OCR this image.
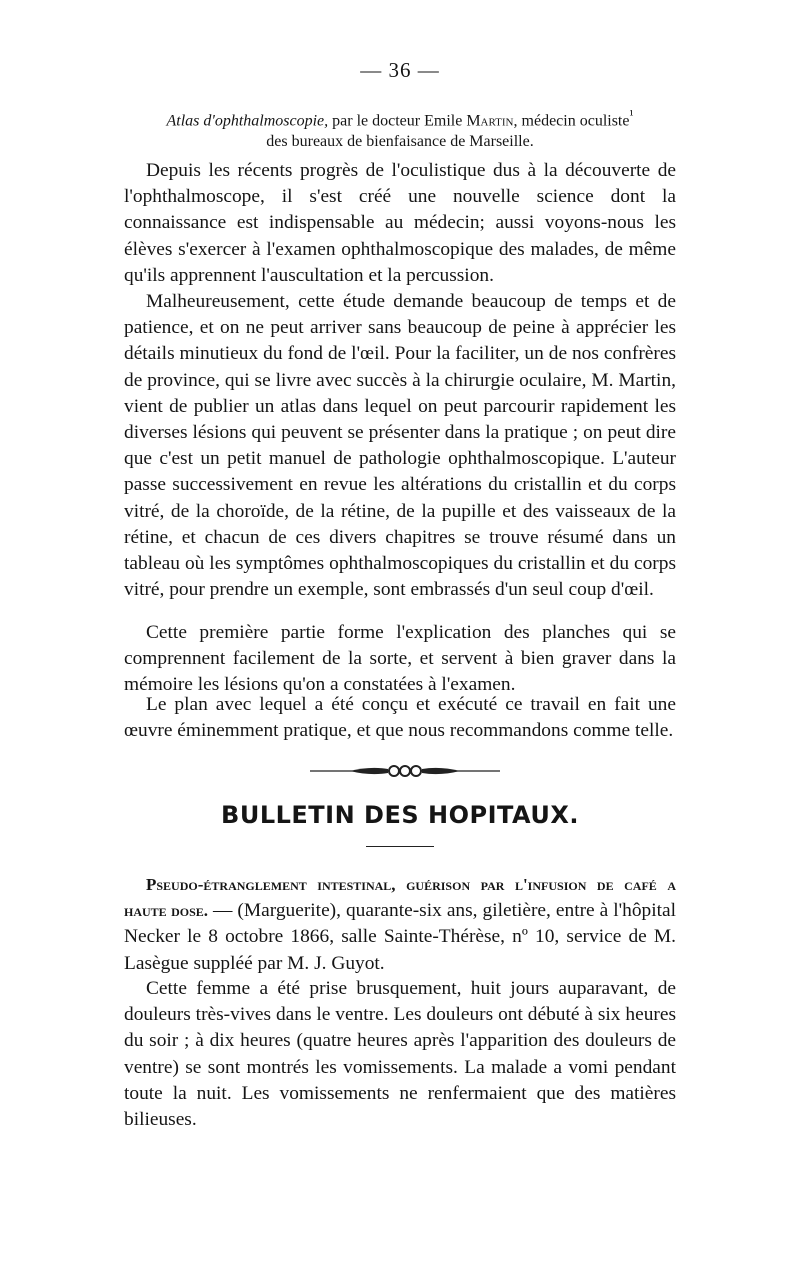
— 36 —
Atlas d'ophthalmoscopie, par le docteur Emile Martin, médecin oculiste$^{^1}$
des bureaux de bienfaisance de Marseille.
Depuis les récents progrès de l'oculistique dus à la découverte de l'ophthalmoscope, il s'est créé une nouvelle science dont la connaissance est indispensable au médecin; aussi voyons-nous les élèves s'exercer à l'examen ophthalmoscopique des malades, de même qu'ils apprennent l'auscultation et la percussion.
Malheureusement, cette étude demande beaucoup de temps et de patience, et on ne peut arriver sans beaucoup de peine à apprécier les détails minutieux du fond de l'œil. Pour la faciliter, un de nos confrères de province, qui se livre avec succès à la chirurgie oculaire, M. Martin, vient de publier un atlas dans lequel on peut parcourir rapidement les diverses lésions qui peuvent se présenter dans la pratique ; on peut dire que c'est un petit manuel de pathologie ophthalmoscopique. L'auteur passe successivement en revue les altérations du cristallin et du corps vitré, de la choroïde, de la rétine, de la pupille et des vaisseaux de la rétine, et chacun de ces divers chapitres se trouve résumé dans un tableau où les symptômes ophthalmoscopiques du cristallin et du corps vitré, pour prendre un exemple, sont embrassés d'un seul coup d'œil.
Cette première partie forme l'explication des planches qui se comprennent facilement de la sorte, et servent à bien graver dans la mémoire les lésions qu'on a constatées à l'examen.
Le plan avec lequel a été conçu et exécuté ce travail en fait une œuvre éminemment pratique, et que nous recommandons comme telle.
BULLETIN DES HOPITAUX.
Pseudo-étranglement intestinal, guérison par l'infusion de café a haute dose. — (Marguerite), quarante-six ans, giletière, entre à l'hôpital Necker le 8 octobre 1866, salle Sainte-Thérèse, nº 10, service de M. Lasègue suppléé par M. J. Guyot.
Cette femme a été prise brusquement, huit jours auparavant, de douleurs très-vives dans le ventre. Les douleurs ont débuté à six heures du soir ; à dix heures (quatre heures après l'apparition des douleurs de ventre) se sont montrés les vomissements. La malade a vomi pendant toute la nuit. Les vomissements ne renfermaient que des matières bilieuses.
